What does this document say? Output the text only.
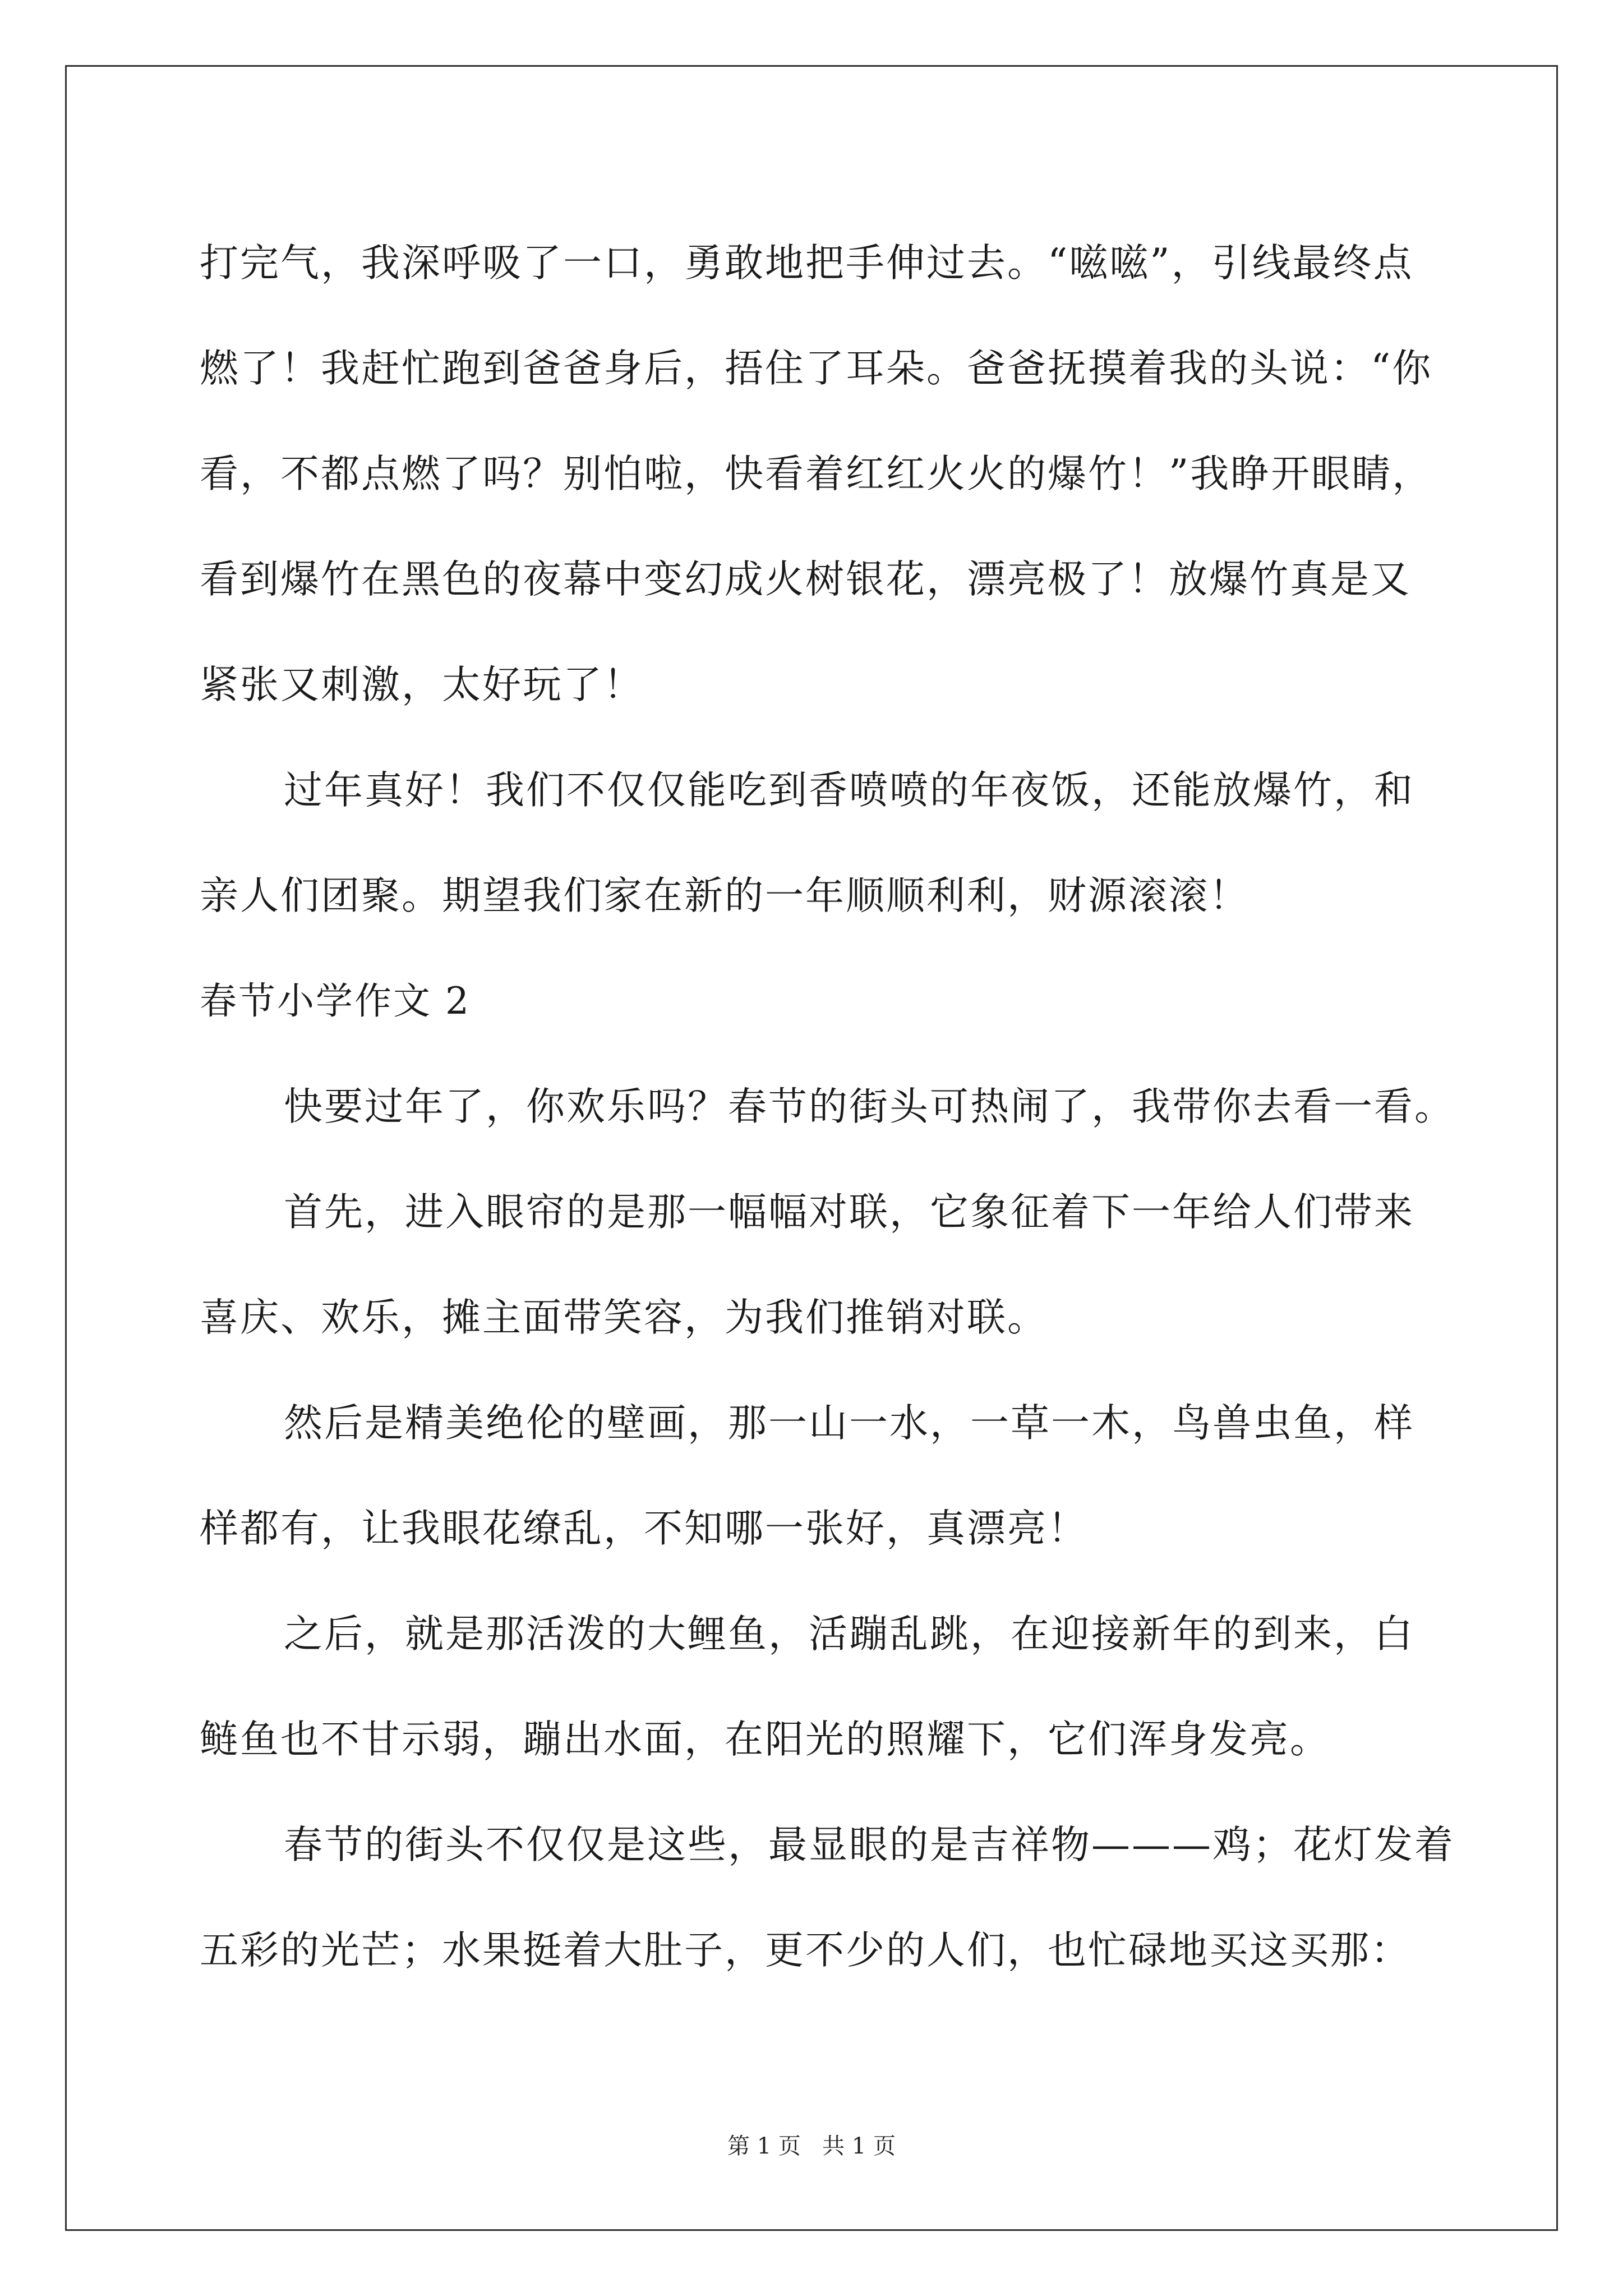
打完气，我深呼吸了一口，勇敢地把手伸过去。“嗞嗞”，引线最终点
燃了！我赶忙跑到爸爸身后，捂住了耳朵。爸爸抚摸着我的头说：“你
看，不都点燃了吗？别怕啦，快看着红红火火的爆竹！”我睁开眼睛，
看到爆竹在黑色的夜幕中变幻成火树银花，漂亮极了！放爆竹真是又
紧张又刺激，太好玩了！
过年真好！我们不仅仅能吃到香喷喷的年夜饭，还能放爆竹，和
亲人们团聚。期望我们家在新的一年顺顺利利，财源滚滚！
春节小学作文 2
快要过年了，你欢乐吗？春节的街头可热闹了，我带你去看一看。
首先，进入眼帘的是那一幅幅对联，它象征着下一年给人们带来
喜庆、欢乐，摊主面带笑容，为我们推销对联。
然后是精美绝伦的壁画，那一山一水，一草一木，鸟兽虫鱼，样
样都有，让我眼花缭乱，不知哪一张好，真漂亮！
之后，就是那活泼的大鲤鱼，活蹦乱跳，在迎接新年的到来，白
鲢鱼也不甘示弱，蹦出水面，在阳光的照耀下，它们浑身发亮。
春节的街头不仅仅是这些，最显眼的是吉祥物———鸡；花灯发着
五彩的光芒；水果挺着大肚子，更不少的人们，也忙碌地买这买那：
第 1 页   共 1 页
